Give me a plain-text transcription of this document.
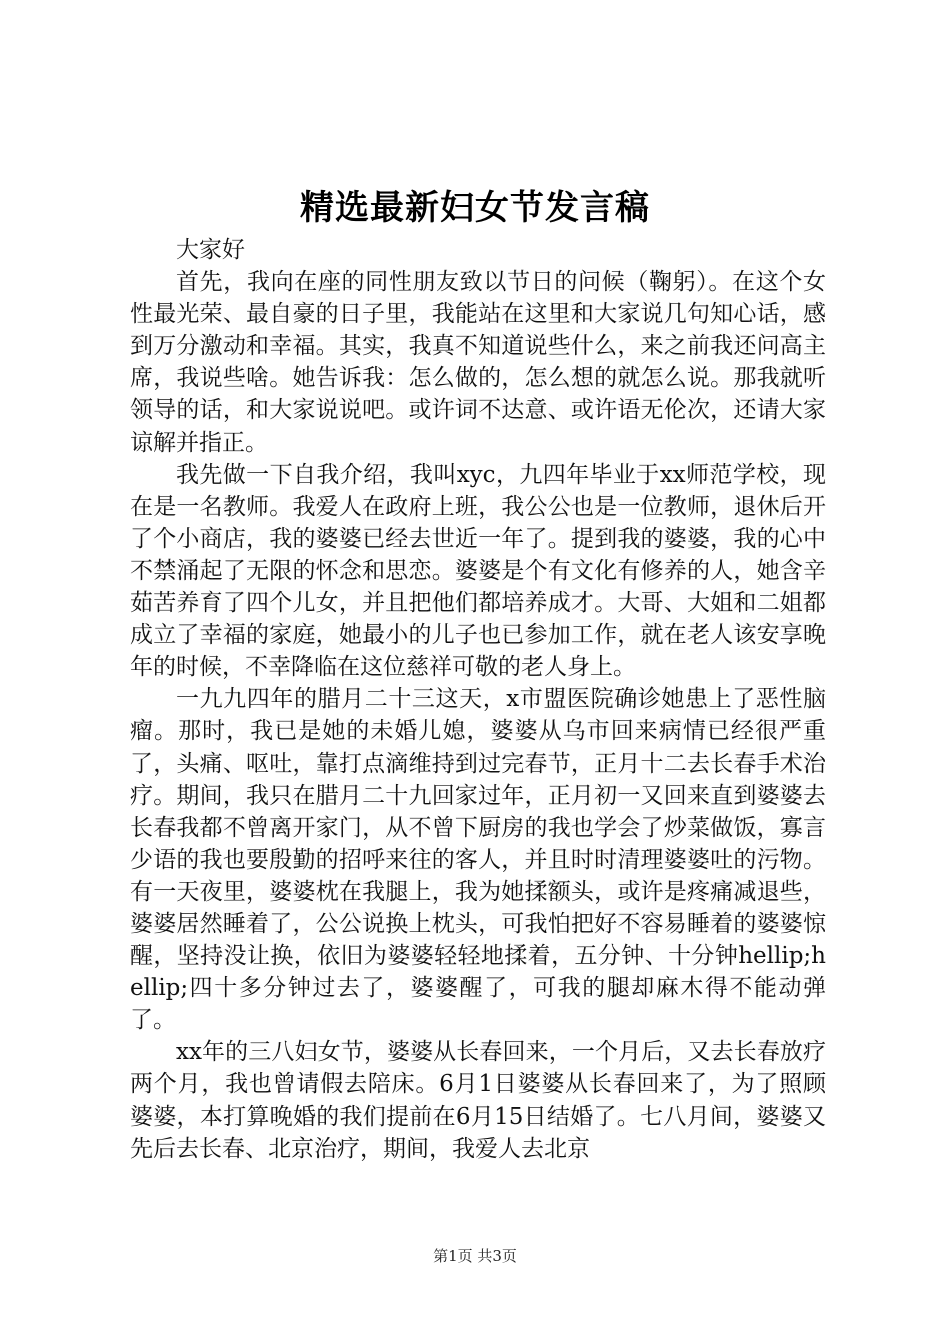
精选最新妇女节发言稿

大家好

首先，我向在座的同性朋友致以节日的问候（鞠躬）。在这个女性最光荣、最自豪的日子里，我能站在这里和大家说几句知心话，感到万分激动和幸福。其实，我真不知道说些什么，来之前我还问高主席，我说些啥。她告诉我：怎么做的，怎么想的就怎么说。那我就听领导的话，和大家说说吧。或许词不达意、或许语无伦次，还请大家谅解并指正。

我先做一下自我介绍，我叫xyc，九四年毕业于xx师范学校，现在是一名教师。我爱人在政府上班，我公公也是一位教师，退休后开了个小商店，我的婆婆已经去世近一年了。提到我的婆婆，我的心中不禁涌起了无限的怀念和思恋。婆婆是个有文化有修养的人，她含辛茹苦养育了四个儿女，并且把他们都培养成才。大哥、大姐和二姐都成立了幸福的家庭，她最小的儿子也已参加工作，就在老人该安享晚年的时候，不幸降临在这位慈祥可敬的老人身上。

一九九四年的腊月二十三这天，x市盟医院确诊她患上了恶性脑瘤。那时，我已是她的未婚儿媳，婆婆从乌市回来病情已经很严重了，头痛、呕吐，靠打点滴维持到过完春节，正月十二去长春手术治疗。期间，我只在腊月二十九回家过年，正月初一又回来直到婆婆去长春我都不曾离开家门，从不曾下厨房的我也学会了炒菜做饭，寡言少语的我也要殷勤的招呼来往的客人，并且时时清理婆婆吐的污物。有一天夜里，婆婆枕在我腿上，我为她揉额头，或许是疼痛减退些，婆婆居然睡着了，公公说换上枕头，可我怕把好不容易睡着的婆婆惊醒，坚持没让换，依旧为婆婆轻轻地揉着，五分钟、十分钟hellip;hellip;四十多分钟过去了，婆婆醒了，可我的腿却麻木得不能动弹了。

xx年的三八妇女节，婆婆从长春回来，一个月后，又去长春放疗两个月，我也曾请假去陪床。6月1日婆婆从长春回来了，为了照顾婆婆，本打算晚婚的我们提前在6月15日结婚了。七八月间，婆婆又先后去长春、北京治疗，期间，我爱人去北京

第1页 共3页
